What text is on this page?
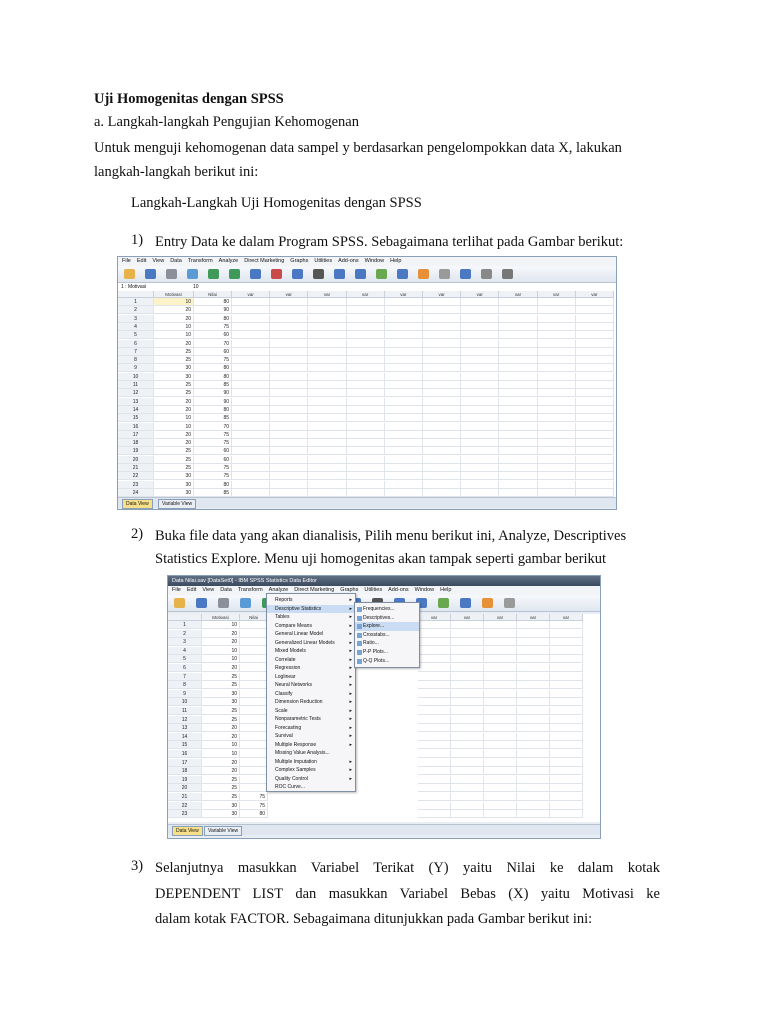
Uji Homogenitas dengan SPSS
a. Langkah-langkah Pengujian Kehomogenan
Untuk menguji kehomogenan data sampel y berdasarkan pengelompokkan data X, lakukan
langkah-langkah berikut ini:
Langkah-Langkah Uji Homogenitas dengan SPSS
1) Entry Data ke dalam Program SPSS. Sebagaimana terlihat pada Gambar berikut:
File Edit View Data Transform Analyze Direct Marketing Graphs Utilities Add-ons Window Help
1 : Motivasi	10
Motivasi	Nilai	var	var	var	var	var	var	var	var	var	var
1	10	80
2	20	90
3	20	80
4	10	75
5	10	60
6	20	70
7	25	60
8	25	75
9	30	80
10	30	80
11	25	85
12	25	90
13	20	90
14	20	80
15	10	85
16	10	70
17	20	75
18	20	75
19	25	60
20	25	60
21	25	75
22	30	75
23	30	80
24	30	85
Data View	Variable View
2) Buka file data yang akan dianalisis, Pilih menu berikut ini, Analyze, Descriptives
Statistics Explore. Menu uji homogenitas akan tampak seperti gambar berikut
Data Nilai.sav [DataSet0] - IBM SPSS Statistics Data Editor
File Edit View Data Transform Analyze Direct Marketing Graphs Utilities Add-ons Window Help
Motivasi	Nilai	var	var	var	var	var
1	10
2	20
3	20
4	10
5	10
6	20
7	25
8	25
9	30
10	30
11	25
12	25
13	20
14	20
15	10
16	10
17	20
18	20
19	25
20	25
21	25	75
22	30	75
23	30	80
Data View	Variable View
Reports	▸
Descriptive Statistics	▸
Tables	▸
Compare Means	▸
General Linear Model	▸
Generalized Linear Models	▸
Mixed Models	▸
Correlate	▸
Regression	▸
Loglinear	▸
Neural Networks	▸
Classify	▸
Dimension Reduction	▸
Scale	▸
Nonparametric Tests	▸
Forecasting	▸
Survival	▸
Multiple Response	▸
Missing Value Analysis...
Multiple Imputation	▸
Complex Samples	▸
Quality Control	▸
ROC Curve...
Frequencies...
Descriptives...
Explore...
Crosstabs...
Ratio...
P-P Plots...
Q-Q Plots...
3) Selanjutnya masukkan Variabel Terikat (Y) yaitu Nilai ke dalam kotak
DEPENDENT LIST dan masukkan Variabel Bebas (X) yaitu Motivasi ke
dalam kotak FACTOR. Sebagaimana ditunjukkan pada Gambar berikut ini:
